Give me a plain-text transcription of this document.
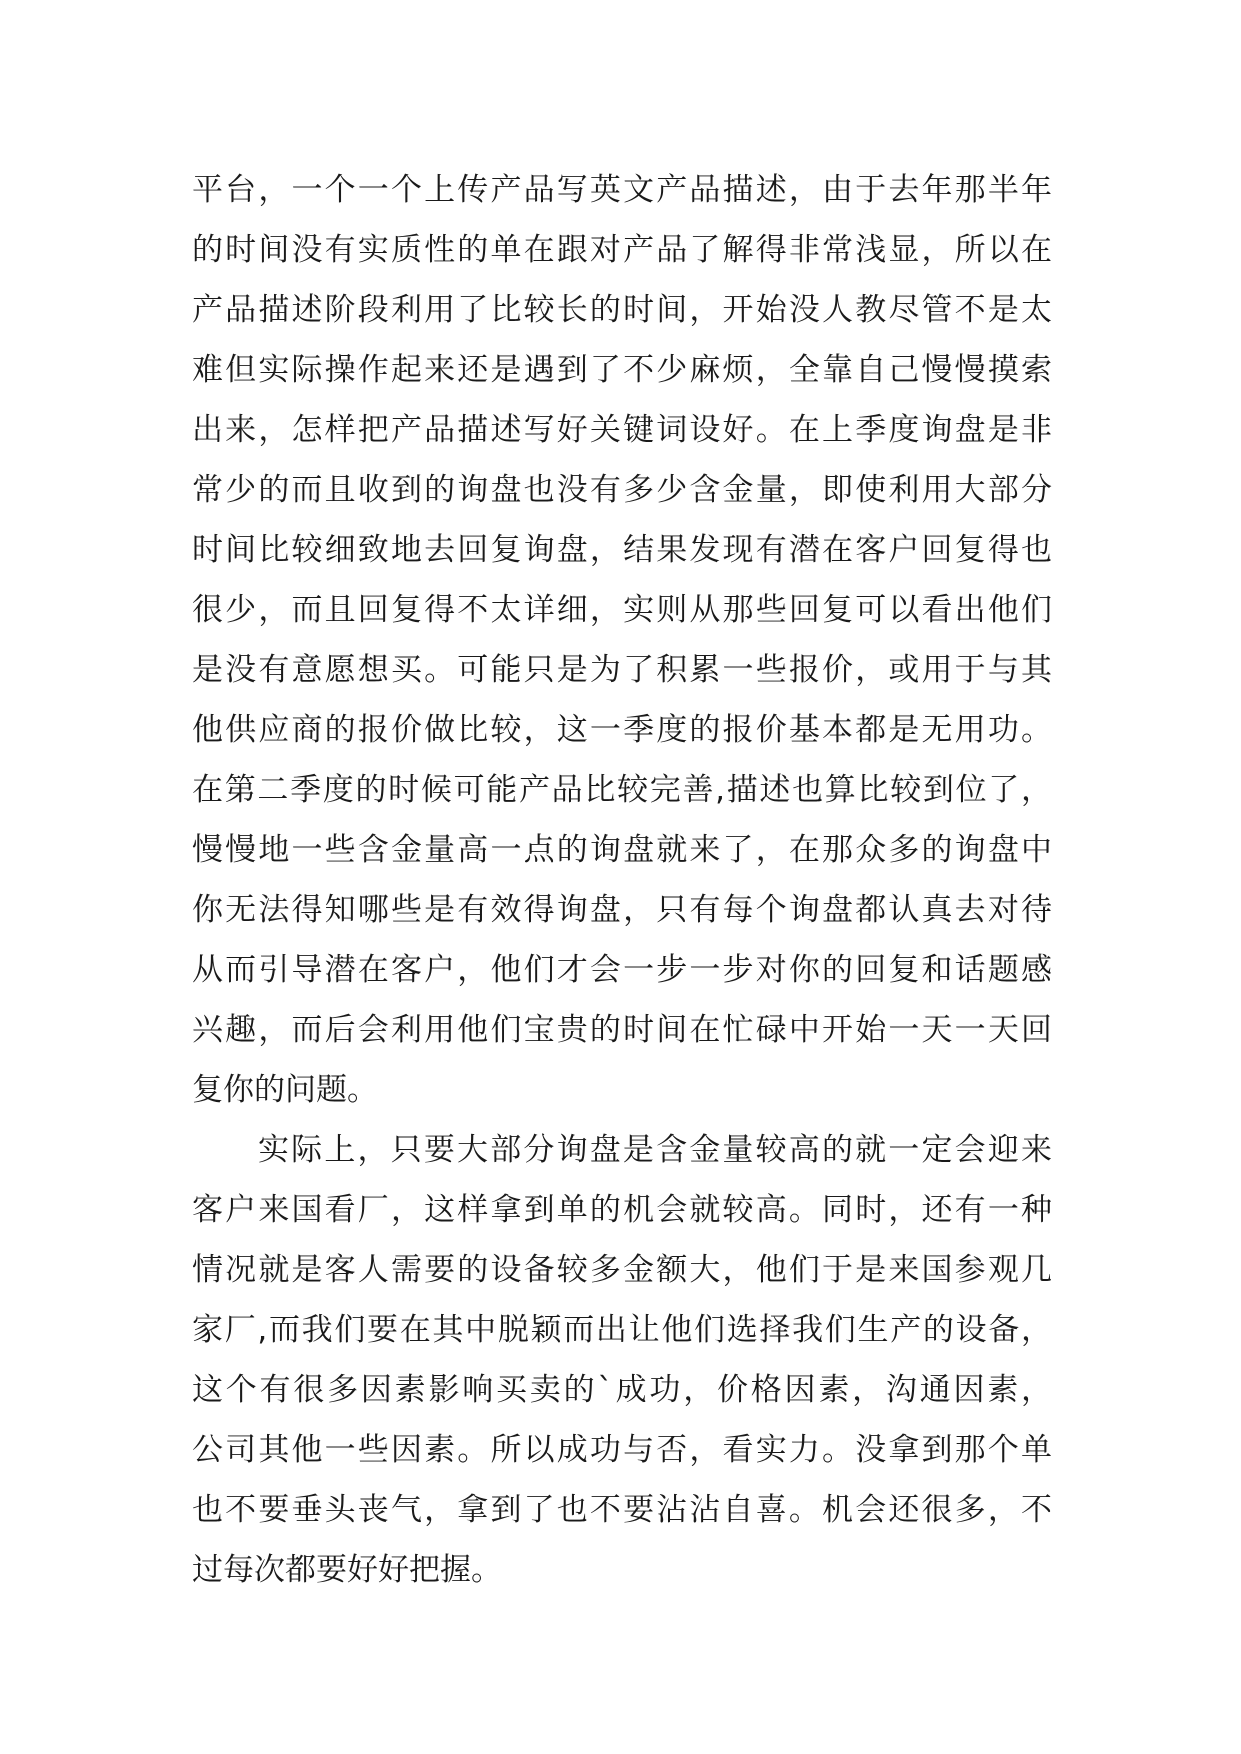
平台，一个一个上传产品写英文产品描述，由于去年那半年
的时间没有实质性的单在跟对产品了解得非常浅显，所以在
产品描述阶段利用了比较长的时间，开始没人教尽管不是太
难但实际操作起来还是遇到了不少麻烦，全靠自己慢慢摸索
出来，怎样把产品描述写好关键词设好。在上季度询盘是非
常少的而且收到的询盘也没有多少含金量，即使利用大部分
时间比较细致地去回复询盘，结果发现有潜在客户回复得也
很少，而且回复得不太详细，实则从那些回复可以看出他们
是没有意愿想买。可能只是为了积累一些报价，或用于与其
他供应商的报价做比较，这一季度的报价基本都是无用功。
在第二季度的时候可能产品比较完善,描述也算比较到位了，
慢慢地一些含金量高一点的询盘就来了，在那众多的询盘中
你无法得知哪些是有效得询盘，只有每个询盘都认真去对待
从而引导潜在客户，他们才会一步一步对你的回复和话题感
兴趣，而后会利用他们宝贵的时间在忙碌中开始一天一天回
复你的问题。
实际上，只要大部分询盘是含金量较高的就一定会迎来
客户来国看厂，这样拿到单的机会就较高。同时，还有一种
情况就是客人需要的设备较多金额大，他们于是来国参观几
家厂,而我们要在其中脱颖而出让他们选择我们生产的设备，
这个有很多因素影响买卖的`成功，价格因素，沟通因素，
公司其他一些因素。所以成功与否，看实力。没拿到那个单
也不要垂头丧气，拿到了也不要沾沾自喜。机会还很多，不
过每次都要好好把握。
